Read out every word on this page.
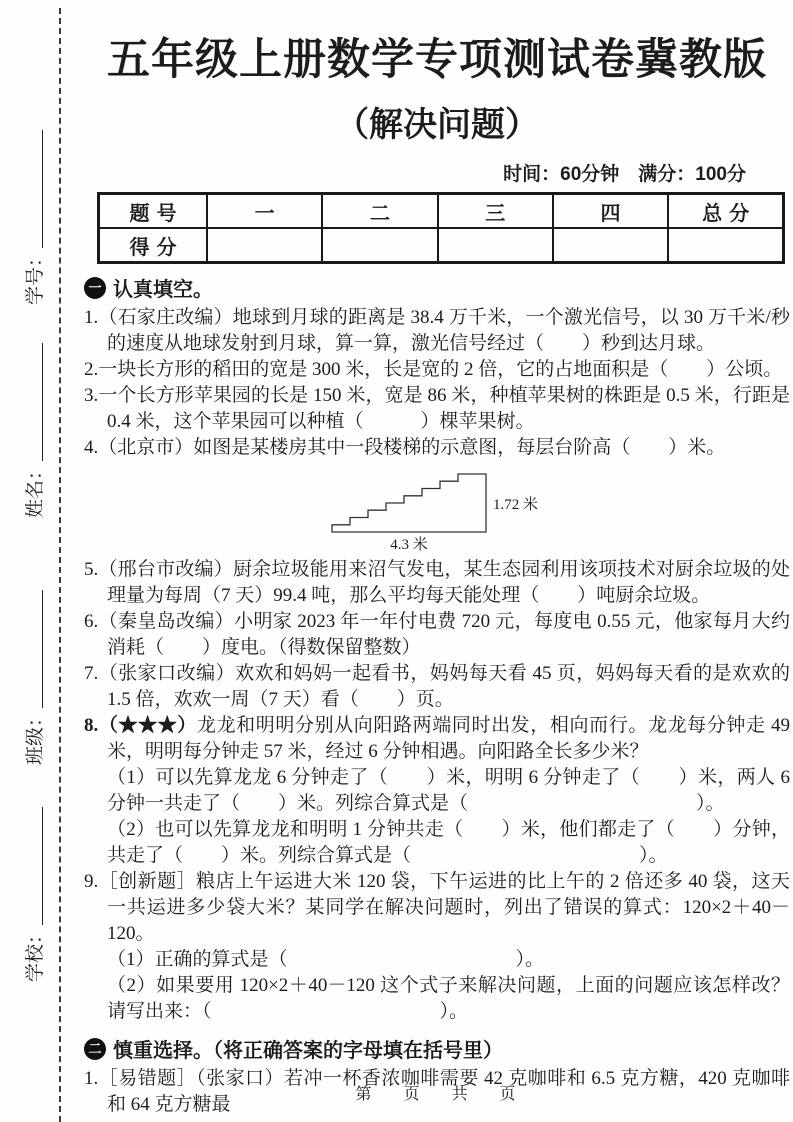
学号：
姓名：
班级：
学校：
五年级上册数学专项测试卷冀教版
（解决问题）
时间：60分钟　满分：100分
题号	一	二	三	四	总分
得分					
一 认真填空。

1.（石家庄改编）地球到月球的距离是 38.4 万千米，一个激光信号，以 30 万千米/秒的速度从地球发射到月球，算一算，激光信号经过（　　）秒到达月球。

2.一块长方形的稻田的宽是 300 米，长是宽的 2 倍，它的占地面积是（　　）公顷。

3.一个长方形苹果园的长是 150 米，宽是 86 米，种植苹果树的株距是 0.5 米，行距是 0.4 米，这个苹果园可以种植（　　　）棵苹果树。

4.（北京市）如图是某楼房其中一段楼梯的示意图，每层台阶高（　　）米。

1.72 米
4.3 米

5.（邢台市改编）厨余垃圾能用来沼气发电，某生态园利用该项技术对厨余垃圾的处理量为每周（7 天）99.4 吨，那么平均每天能处理（　　）吨厨余垃圾。

6.（秦皇岛改编）小明家 2023 年一年付电费 720 元，每度电 0.55 元，他家每月大约消耗（　　）度电。（得数保留整数）

7.（张家口改编）欢欢和妈妈一起看书，妈妈每天看 45 页，妈妈每天看的是欢欢的 1.5 倍，欢欢一周（7 天）看（　　）页。

8.（★★★）龙龙和明明分别从向阳路两端同时出发，相向而行。龙龙每分钟走 49 米，明明每分钟走 57 米，经过 6 分钟相遇。向阳路全长多少米？

（1）可以先算龙龙 6 分钟走了（　　）米，明明 6 分钟走了（　　）米，两人 6 分钟一共走了（　　）米。列综合算式是（　　　　　　　　　　　　）。

（2）也可以先算龙龙和明明 1 分钟共走（　　）米，他们都走了（　　）分钟，共走了（　　）米。列综合算式是（　　　　　　　　　　　　）。

9.［创新题］粮店上午运进大米 120 袋，下午运进的比上午的 2 倍还多 40 袋，这天一共运进多少袋大米？某同学在解决问题时，列出了错误的算式：120×2＋40－120。

（1）正确的算式是（　　　　　　　　　　　　）。

（2）如果要用 120×2＋40－120 这个式子来解决问题，上面的问题应该怎样改？请写出来：（　　　　　　　　　　　　）。

二 慎重选择。（将正确答案的字母填在括号里）

1.［易错题］（张家口）若冲一杯香浓咖啡需要 42 克咖啡和 6.5 克方糖，420 克咖啡和 64 克方糖最	第　页　共　页
